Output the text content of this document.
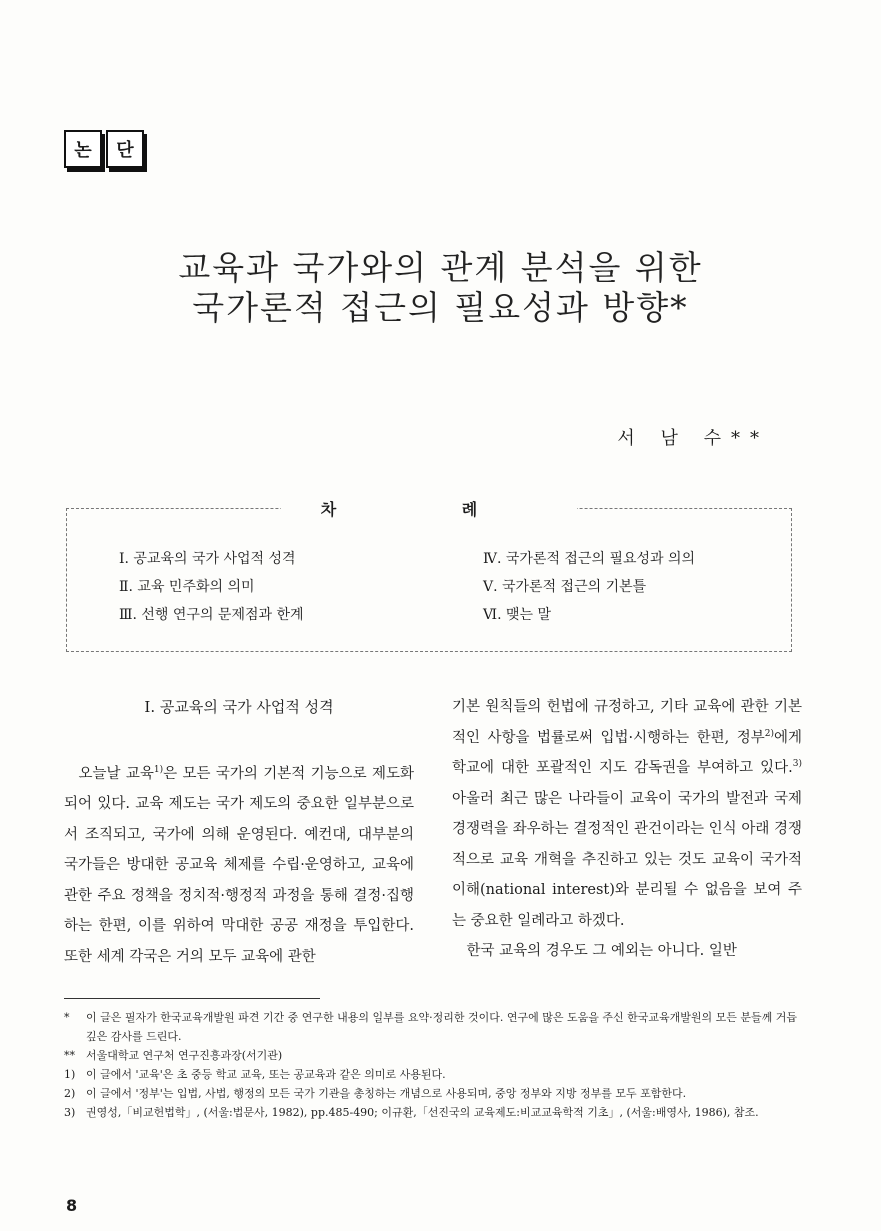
논	단
교육과 국가와의 관계 분석을 위한
국가론적 접근의 필요성과 방향*
서 남 수**
차 례
Ⅰ. 공교육의 국가 사업적 성격
Ⅱ. 교육 민주화의 의미
Ⅲ. 선행 연구의 문제점과 한계
Ⅳ. 국가론적 접근의 필요성과 의의
Ⅴ. 국가론적 접근의 기본틀
Ⅵ. 맺는 말
Ⅰ. 공교육의 국가 사업적 성격

오늘날 교육$^{1)}$은 모든 국가의 기본적 기능으로 제도화되어 있다. 교육 제도는 국가 제도의 중요한 일부분으로서 조직되고, 국가에 의해 운영된다. 예컨대, 대부분의 국가들은 방대한 공교육 체제를 수립·운영하고, 교육에 관한 주요 정책을 정치적·행정적 과정을 통해 결정·집행하는 한편, 이를 위하여 막대한 공공 재정을 투입한다. 또한 세계 각국은 거의 모두 교육에 관한

기본 원칙들의 헌법에 규정하고, 기타 교육에 관한 기본적인 사항을 법률로써 입법·시행하는 한편, 정부$^{2)}$에게 학교에 대한 포괄적인 지도 감독권을 부여하고 있다.$^{3)}$ 아울러 최근 많은 나라들이 교육이 국가의 발전과 국제 경쟁력을 좌우하는 결정적인 관건이라는 인식 아래 경쟁적으로 교육 개혁을 추진하고 있는 것도 교육이 국가적 이해(national interest)와 분리될 수 없음을 보여 주는 중요한 일례라고 하겠다.

한국 교육의 경우도 그 예외는 아니다. 일반

*	이 글은 필자가 한국교육개발원 파견 기간 중 연구한 내용의 일부를 요약·정리한 것이다. 연구에 많은 도움을 주신 한국교육개발원의 모든 분들께 거듭 깊은 감사를 드린다.
**	서울대학교 연구처 연구진흥과장(서기관)
1) 이 글에서 '교육'은 초 중등 학교 교육, 또는 공교육과 같은 의미로 사용된다.
2) 이 글에서 '정부'는 입법, 사법, 행정의 모든 국가 기관을 총칭하는 개념으로 사용되며, 중앙 정부와 지방 정부를 모두 포함한다.
3) 권영성,「비교헌법학」, (서울:법문사, 1982), pp.485-490; 이규환,「선진국의 교육제도:비교교육학적 기초」, (서울:배영사, 1986), 참조.
8
